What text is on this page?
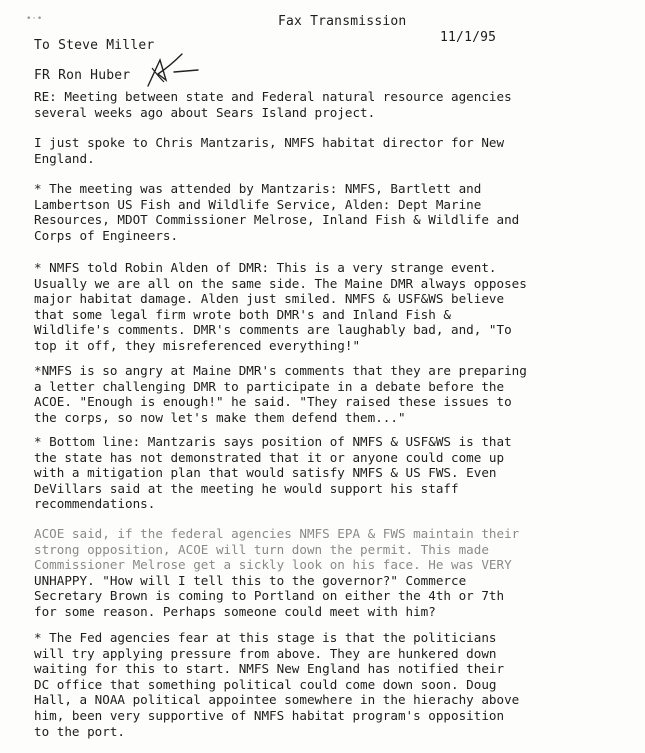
•·•	Fax Transmission
11/1/95
To Steve Miller
FR Ron Huber
RE: Meeting between state and Federal natural resource agencies
several weeks ago about Sears Island project.
I just spoke to Chris Mantzaris, NMFS habitat director for New
England.
* The meeting was attended by Mantzaris: NMFS, Bartlett and
Lambertson US Fish and Wildlife Service, Alden: Dept Marine
Resources, MDOT Commissioner Melrose, Inland Fish & Wildlife and
Corps of Engineers.
* NMFS told Robin Alden of DMR: This is a very strange event.
Usually we are all on the same side. The Maine DMR always opposes
major habitat damage. Alden just smiled. NMFS & USF&WS believe
that some legal firm wrote both DMR's and Inland Fish &
Wildlife's comments. DMR's comments are laughably bad, and, "To
top it off, they misreferenced everything!"
*NMFS is so angry at Maine DMR's comments that they are preparing
a letter challenging DMR to participate in a debate before the
ACOE. "Enough is enough!" he said. "They raised these issues to
the corps, so now let's make them defend them..."
* Bottom line: Mantzaris says position of NMFS & USF&WS is that
the state has not demonstrated that it or anyone could come up
with a mitigation plan that would satisfy NMFS & US FWS. Even
DeVillars said at the meeting he would support his staff
recommendations.
ACOE said, if the federal agencies NMFS EPA & FWS maintain their
strong opposition, ACOE will turn down the permit. This made
Commissioner Melrose get a sickly look on his face. He was VERY
UNHAPPY. "How will I tell this to the governor?" Commerce
Secretary Brown is coming to Portland on either the 4th or 7th
for some reason. Perhaps someone could meet with him?
* The Fed agencies fear at this stage is that the politicians
will try applying pressure from above. They are hunkered down
waiting for this to start. NMFS New England has notified their
DC office that something political could come down soon. Doug
Hall, a NOAA political appointee somewhere in the hierachy above
him, been very supportive of NMFS habitat program's opposition
to the port.
